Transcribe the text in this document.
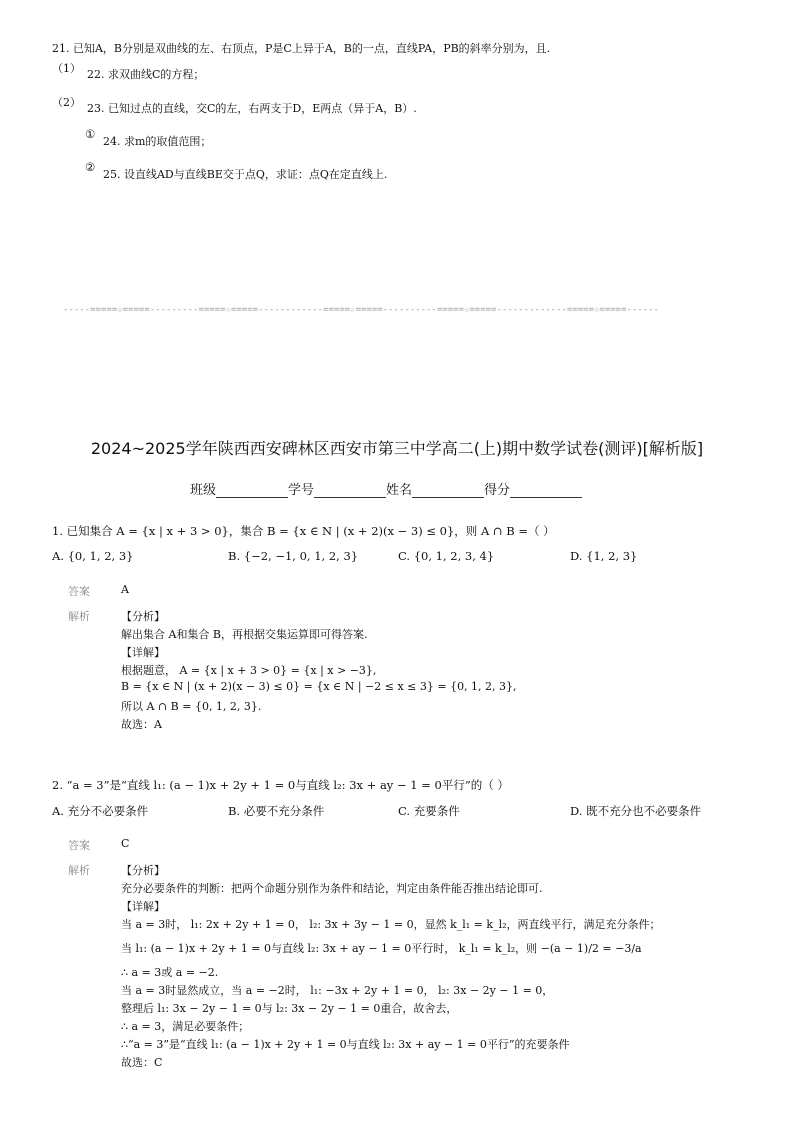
21. 已知A，B分别是双曲线的左、右顶点，P是C上异于A，B的一点，直线PA，PB的斜率分别为，且.
（1） 22. 求双曲线C的方程；
（2） 23. 已知过点的直线，交C的左，右两支于D，E两点（异于A，B）.
①
24. 求m的取值范围；
②
25. 设直线AD与直线BE交于点Q，求证：点Q在定直线上.
-----=====☆=====---------=====☆=====------------=====☆=====----------=====☆=====-------------=====☆=====------
2024~2025学年陕西西安碑林区西安市第三中学高二(上)期中数学试卷(测评)[解析版]
班级	学号	姓名	得分
1. 已知集合 A = {x | x + 3 > 0}，集合 B = {x ∈ N | (x + 2)(x − 3) ≤ 0}，则 A ∩ B =（ ）
A. {0, 1, 2, 3}	B. {−2, −1, 0, 1, 2, 3}	C. {0, 1, 2, 3, 4}	D. {1, 2, 3}
答案	A
解析	【分析】
解出集合 A和集合 B，再根据交集运算即可得答案.
【详解】
根据题意， A = {x | x + 3 > 0} = {x | x > −3},
B = {x ∈ N | (x + 2)(x − 3) ≤ 0} = {x ∈ N | −2 ≤ x ≤ 3} = {0, 1, 2, 3},
所以 A ∩ B = {0, 1, 2, 3}.
故选：A
2. “a = 3”是“直线 l₁: (a − 1)x + 2y + 1 = 0与直线 l₂: 3x + ay − 1 = 0平行”的（ ）
A. 充分不必要条件	B. 必要不充分条件	C. 充要条件	D. 既不充分也不必要条件
答案	C
解析	【分析】
充分必要条件的判断：把两个命题分别作为条件和结论，判定由条件能否推出结论即可.
【详解】
当 a = 3时， l₁: 2x + 2y + 1 = 0， l₂: 3x + 3y − 1 = 0，显然 k_l₁ = k_l₂，两直线平行，满足充分条件；
当 l₁: (a − 1)x + 2y + 1 = 0与直线 l₂: 3x + ay − 1 = 0平行时， k_l₁ = k_l₂，则 −(a − 1)/2 = −3/a
∴ a = 3或 a = −2.
当 a = 3时显然成立，当 a = −2时， l₁: −3x + 2y + 1 = 0， l₂: 3x − 2y − 1 = 0，
整理后 l₁: 3x − 2y − 1 = 0与 l₂: 3x − 2y − 1 = 0重合，故舍去，
∴ a = 3，满足必要条件；
∴“a = 3”是“直线 l₁: (a − 1)x + 2y + 1 = 0与直线 l₂: 3x + ay − 1 = 0平行”的充要条件
故选：C
